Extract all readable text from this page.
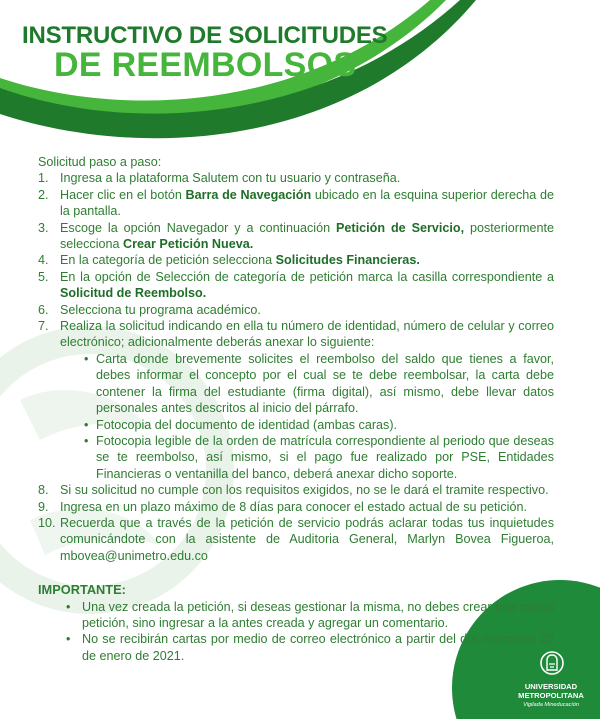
INSTRUCTIVO DE SOLICITUDES
DE REEMBOLSOS

Solicitud paso a paso:

1. Ingresa a la plataforma Salutem con tu usuario y contraseña.
2. Hacer clic en el botón Barra de Navegación ubicado en la esquina superior derecha de la pantalla.
3. Escoge la opción Navegador y a continuación Petición de Servicio, posteriormente selecciona Crear Petición Nueva.
4. En la categoría de petición selecciona Solicitudes Financieras.
5. En la opción de Selección de categoría de petición marca la casilla correspondiente a Solicitud de Reembolso.
6. Selecciona tu programa académico.
7. Realiza la solicitud indicando en ella tu número de identidad, número de celular y correo electrónico; adicionalmente deberás anexar lo siguiente:
• Carta donde brevemente solicites el reembolso del saldo que tienes a favor, debes informar el concepto por el cual se te debe reembolsar, la carta debe contener la firma del estudiante (firma digital), así mismo, debe llevar datos personales antes descritos al inicio del párrafo.
• Fotocopia del documento de identidad (ambas caras).
• Fotocopia legible de la orden de matrícula correspondiente al periodo que deseas se te reembolso, así mismo, si el pago fue realizado por PSE, Entidades Financieras o ventanilla del banco, deberá anexar dicho soporte.
8. Si su solicitud no cumple con los requisitos exigidos, no se le dará el tramite respectivo.
9. Ingresa en un plazo máximo de 8 días para conocer el estado actual de su petición.
10. Recuerda que a través de la petición de servicio podrás aclarar todas tus inquietudes comunicándote con la asistente de Auditoria General, Marlyn Bovea Figueroa, mbovea@unimetro.edu.co

IMPORTANTE:

• Una vez creada la petición, si deseas gestionar la misma, no debes crear una nueva petición, sino ingresar a la antes creada y agregar un comentario.
• No se recibirán cartas por medio de correo electrónico a partir del día miércoles 20 de enero de 2021.
UNIVERSIDAD
METROPOLITANA
Vigilada Mineducación
